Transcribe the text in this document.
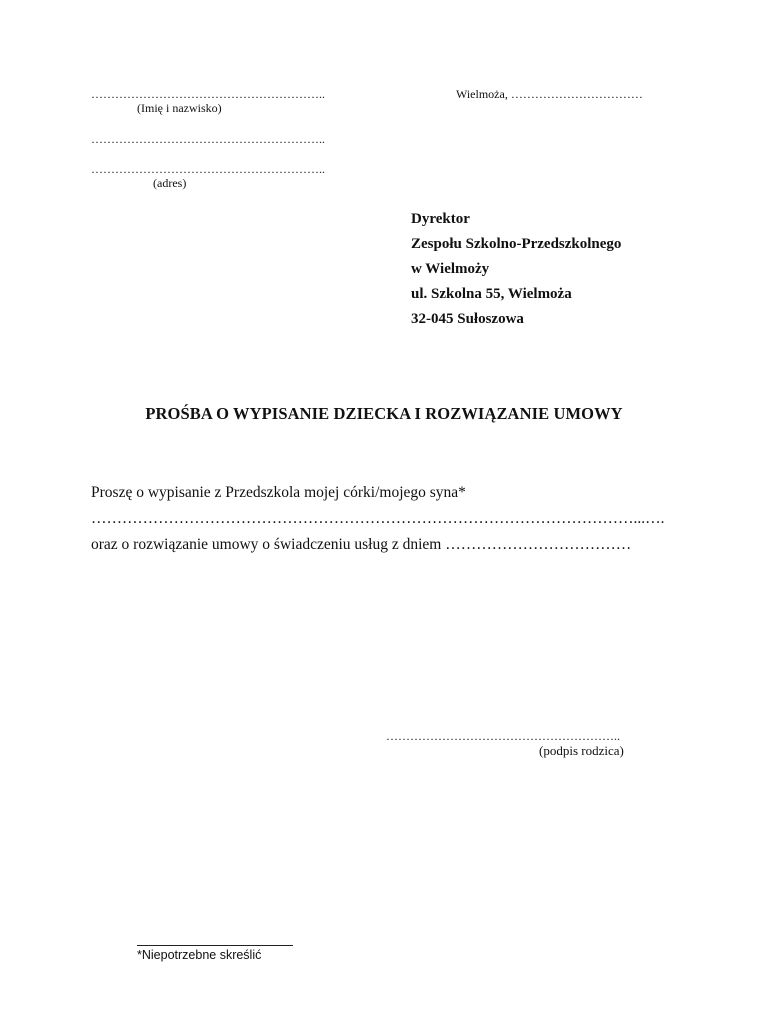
…………………………………………………..
(Imię i nazwisko)
…………………………………………………..
…………………………………………………..
(adres)
Wielmoża, ……………………………
Dyrektor
Zespołu Szkolno-Przedszkolnego
w Wielmoży
ul. Szkolna 55, Wielmoża
32-045 Sułoszowa
PROŚBA O WYPISANIE DZIECKA I ROZWIĄZANIE UMOWY
Proszę o wypisanie z Przedszkola mojej córki/mojego syna*
……………………………………………………………………………………………...….
oraz o rozwiązanie umowy o świadczeniu usług z dniem ………………………………
…………………………………………………..
(podpis rodzica)
*Niepotrzebne skreślić
